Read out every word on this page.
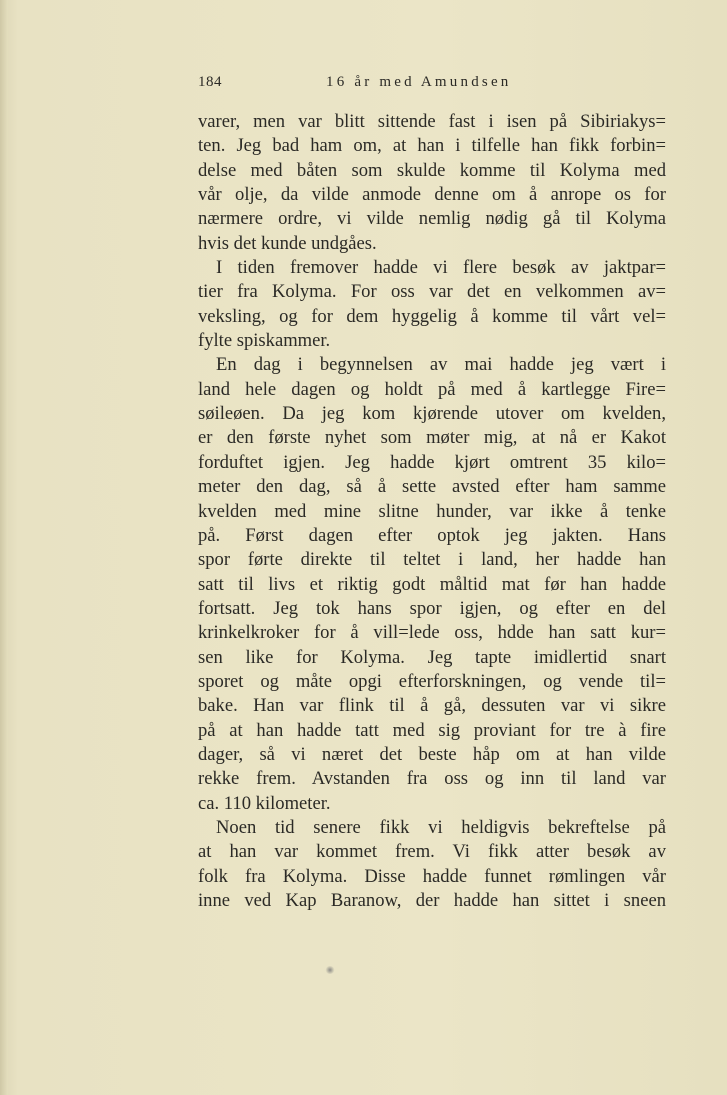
184	16 år med Amundsen
varer, men var blitt sittende fast i isen på Sibiriakys=
ten. Jeg bad ham om, at han i tilfelle han fikk forbin=
delse med båten som skulde komme til Kolyma med
vår olje, da vilde anmode denne om å anrope os for
nærmere ordre, vi vilde nemlig nødig gå til Kolyma
hvis det kunde undgåes.
I tiden fremover hadde vi flere besøk av jaktpar=
tier fra Kolyma. For oss var det en velkommen av=
veksling, og for dem hyggelig å komme til vårt vel=
fylte spiskammer.
En dag i begynnelsen av mai hadde jeg vært i
land hele dagen og holdt på med å kartlegge Fire=
søileøen. Da jeg kom kjørende utover om kvelden,
er den første nyhet som møter mig, at nå er Kakot
forduftet igjen. Jeg hadde kjørt omtrent 35 kilo=
meter den dag, så å sette avsted efter ham samme
kvelden med mine slitne hunder, var ikke å tenke
på. Først dagen efter optok jeg jakten. Hans
spor førte direkte til teltet i land, her hadde han
satt til livs et riktig godt måltid mat før han hadde
fortsatt. Jeg tok hans spor igjen, og efter en del
krinkelkroker for å vill=lede oss, hdde han satt kur=
sen like for Kolyma. Jeg tapte imidlertid snart
sporet og måte opgi efterforskningen, og vende til=
bake. Han var flink til å gå, dessuten var vi sikre
på at han hadde tatt med sig proviant for tre à fire
dager, så vi næret det beste håp om at han vilde
rekke frem. Avstanden fra oss og inn til land var
ca. 110 kilometer.
Noen tid senere fikk vi heldigvis bekreftelse på
at han var kommet frem. Vi fikk atter besøk av
folk fra Kolyma. Disse hadde funnet rømlingen vår
inne ved Kap Baranow, der hadde han sittet i sneen
